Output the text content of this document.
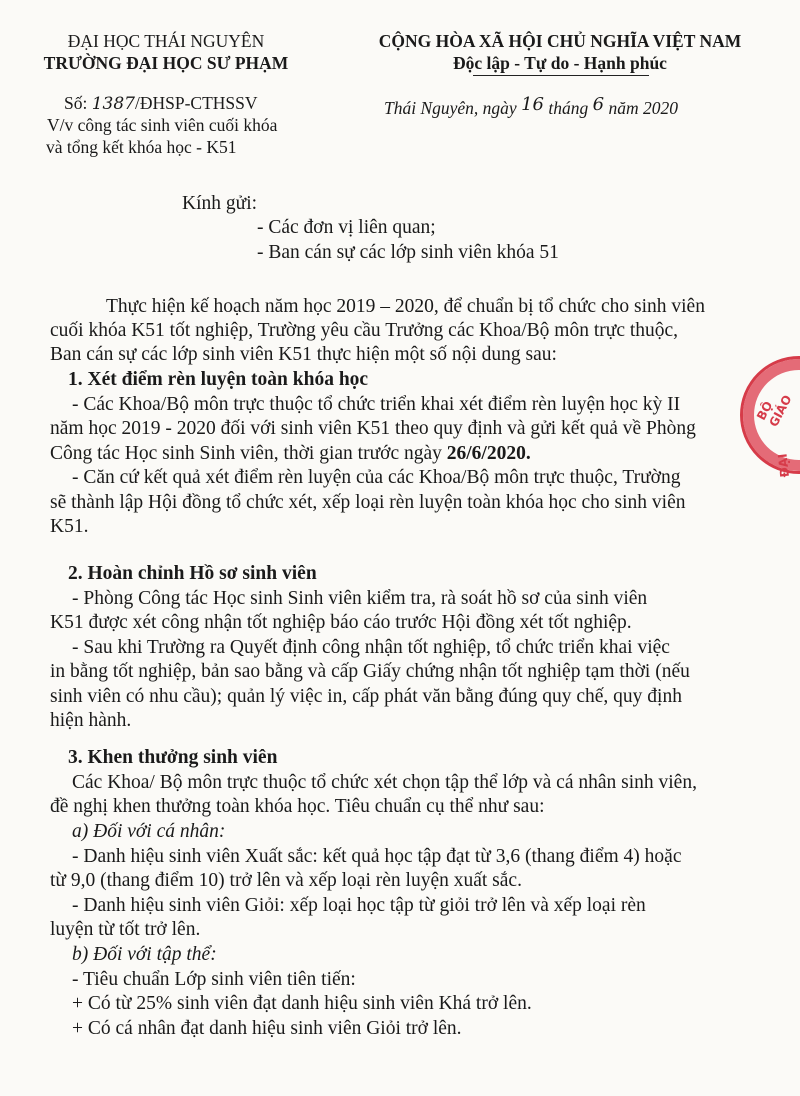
ĐẠI HỌC THÁI NGUYÊN
TRƯỜNG ĐẠI HỌC SƯ PHẠM
CỘNG HÒA XÃ HỘI CHỦ NGHĨA VIỆT NAM
Độc lập - Tự do - Hạnh phúc
Số: 1387/ĐHSP-CTHSSV
V/v công tác sinh viên cuối khóa
và tổng kết khóa học - K51
Thái Nguyên, ngày 16 tháng 6 năm 2020
Kính gửi:
- Các đơn vị liên quan;
- Ban cán sự các lớp sinh viên khóa 51
Thực hiện kế hoạch năm học 2019 – 2020, để chuẩn bị tổ chức cho sinh viên
cuối khóa K51 tốt nghiệp, Trường yêu cầu Trưởng các Khoa/Bộ môn trực thuộc,
Ban cán sự các lớp sinh viên K51 thực hiện một số nội dung sau:
1. Xét điểm rèn luyện toàn khóa học
- Các Khoa/Bộ môn trực thuộc tổ chức triển khai xét điểm rèn luyện học kỳ II
năm học 2019 - 2020 đối với sinh viên K51 theo quy định và gửi kết quả về Phòng
Công tác Học sinh Sinh viên, thời gian trước ngày 26/6/2020.
- Căn cứ kết quả xét điểm rèn luyện của các Khoa/Bộ môn trực thuộc, Trường
sẽ thành lập Hội đồng tổ chức xét, xếp loại rèn luyện toàn khóa học cho sinh viên
K51.
2. Hoàn chỉnh Hồ sơ sinh viên
- Phòng Công tác Học sinh Sinh viên kiểm tra, rà soát hồ sơ của sinh viên
K51 được xét công nhận tốt nghiệp báo cáo trước Hội đồng xét tốt nghiệp.
- Sau khi Trường ra Quyết định công nhận tốt nghiệp, tổ chức triển khai việc
in bằng tốt nghiệp, bản sao bằng và cấp Giấy chứng nhận tốt nghiệp tạm thời (nếu
sinh viên có nhu cầu); quản lý việc in, cấp phát văn bằng đúng quy chế, quy định
hiện hành.
3. Khen thưởng sinh viên
Các Khoa/ Bộ môn trực thuộc tổ chức xét chọn tập thể lớp và cá nhân sinh viên,
đề nghị khen thưởng toàn khóa học. Tiêu chuẩn cụ thể như sau:
a) Đối với cá nhân:
- Danh hiệu sinh viên Xuất sắc: kết quả học tập đạt từ 3,6 (thang điểm 4) hoặc
từ 9,0 (thang điểm 10) trở lên và xếp loại rèn luyện xuất sắc.
- Danh hiệu sinh viên Giỏi: xếp loại học tập từ giỏi trở lên và xếp loại rèn
luyện từ tốt trở lên.
b) Đối với tập thể:
- Tiêu chuẩn Lớp sinh viên tiên tiến:
+ Có từ 25% sinh viên đạt danh hiệu sinh viên Khá trở lên.
+ Có cá nhân đạt danh hiệu sinh viên Giỏi trở lên.
BỘ GIÁO
ĐẠI
